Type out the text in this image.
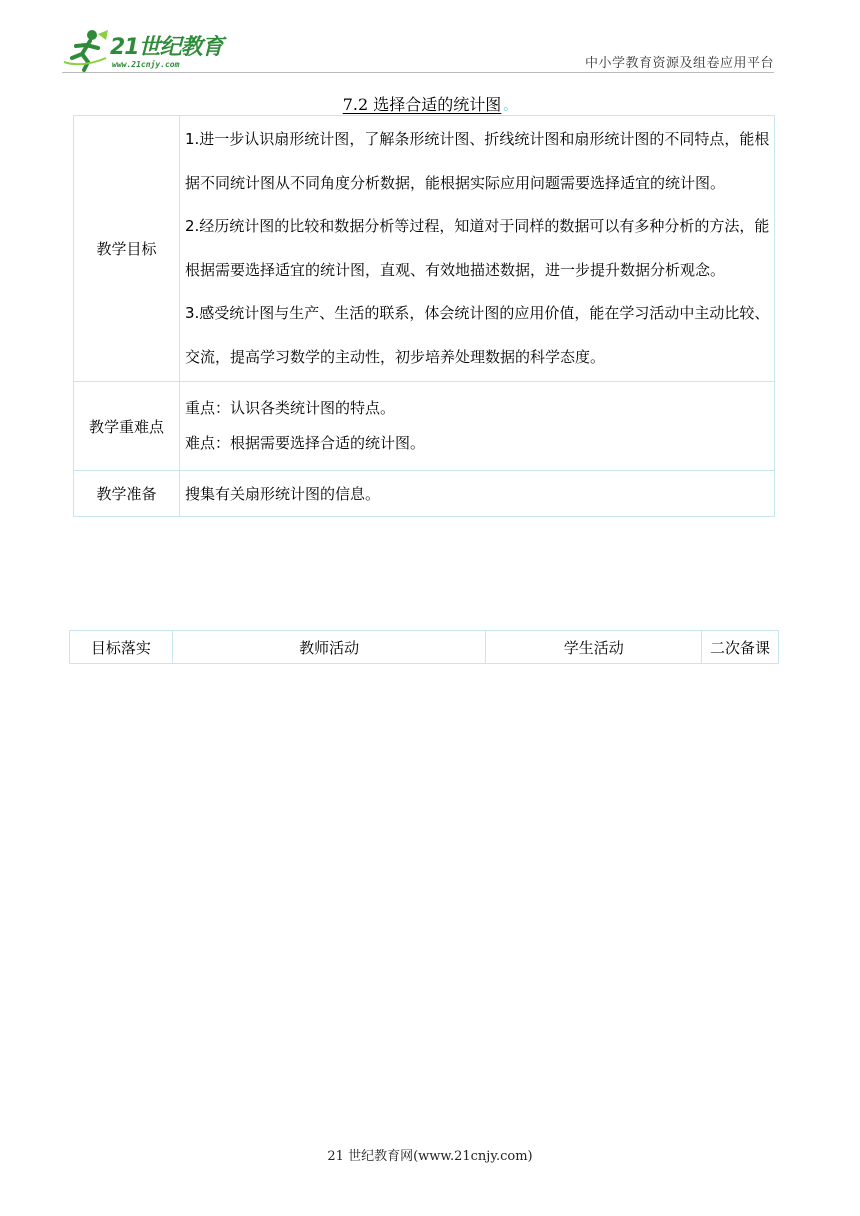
21世纪教育
www.21cnjy.com	中小学教育资源及组卷应用平台
7.2 选择合适的统计图 。
教学目标	1.进一步认识扇形统计图，了解条形统计图、折线统计图和扇形统计图的不同特点，能根据不同统计图从不同角度分析数据，能根据实际应用问题需要选择适宜的统计图。

2.经历统计图的比较和数据分析等过程，知道对于同样的数据可以有多种分析的方法，能根据需要选择适宜的统计图，直观、有效地描述数据，进一步提升数据分析观念。

3.感受统计图与生产、生活的联系，体会统计图的应用价值，能在学习活动中主动比较、交流，提高学习数学的主动性，初步培养处理数据的科学态度。

教学重难点	重点：认识各类统计图的特点。
难点：根据需要选择合适的统计图。

教学准备	搜集有关扇形统计图的信息。
目标落实	教师活动	学生活动	二次备课
21 世纪教育网(www.21cnjy.com)
